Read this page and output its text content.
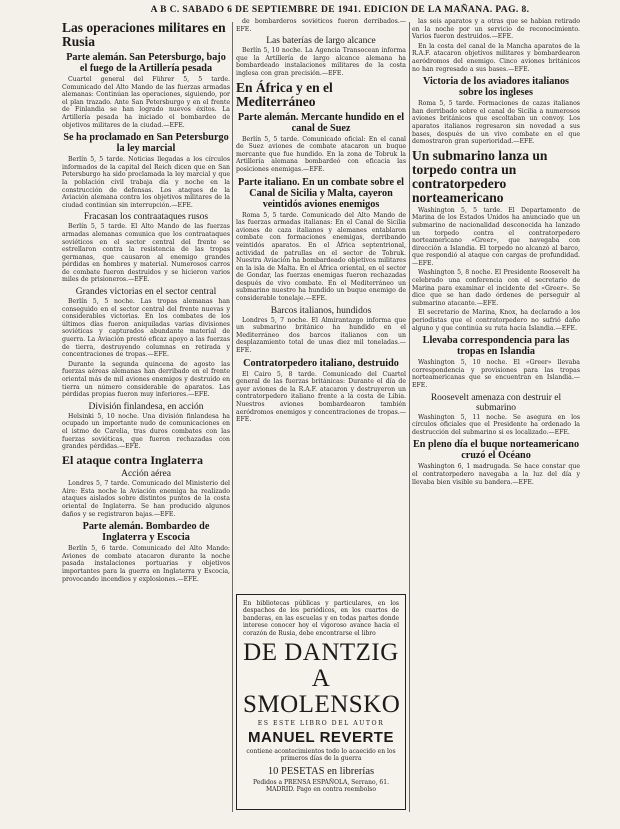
A B C. SABADO 6 DE SEPTIEMBRE DE 1941. EDICION DE LA MAÑANA. PAG. 8.
Las operaciones militares en Rusia
Parte alemán. San Petersburgo, bajo el fuego de la Artillería pesada

Cuartel general del Führer 5, 5 tarde. Comunicado del Alto Mando de las fuerzas armadas alemanas: Continúan las operaciones, siguiendo, por el plan trazado. Ante San Petersburgo y en el frente de Finlandia se han logrado nuevos éxitos. La Artillería pesada ha iniciado el bombardeo de objetivos militares de la ciudad.—EFE.

Se ha proclamado en San Petersburgo la ley marcial

Berlín 5, 5 tarde. Noticias llegadas a los círculos informados de la capital del Reich dicen que en San Petersburgo ha sido proclamada la ley marcial y que la población civil trabaja día y noche en la construcción de defensas. Los ataques de la Aviación alemana contra los objetivos militares de la ciudad continúan sin interrupción.—EFE.

Fracasan los contraataques rusos

Berlín 5, 5 tarde. El Alto Mando de las fuerzas armadas alemanas comunica que los contraataques soviéticos en el sector central del frente se estrellaron contra la resistencia de las tropas germanas, que causaron al enemigo grandes pérdidas en hombres y material. Numerosos carros de combate fueron destruidos y se hicieron varios miles de prisioneros.—EFE.

Grandes victorias en el sector central

Berlín 5, 5 noche. Las tropas alemanas han conseguido en el sector central del frente nuevas y considerables victorias. En los combates de los últimos días fueron aniquiladas varias divisiones soviéticas y capturados abundante material de guerra. La Aviación prestó eficaz apoyo a las fuerzas de tierra, destruyendo columnas en retirada y concentraciones de tropas.—EFE.

Durante la segunda quincena de agosto las fuerzas aéreas alemanas han derribado en el frente oriental más de mil aviones enemigos y destruido en tierra un número considerable de aparatos. Las pérdidas propias fueron muy inferiores.—EFE.

División finlandesa, en acción

Helsinki 5, 10 noche. Una división finlandesa ha ocupado un importante nudo de comunicaciones en el istmo de Carelia, tras duros combates con las fuerzas soviéticas, que fueron rechazadas con grandes pérdidas.—EFE.

El ataque contra Inglaterra
Acción aérea

Londres 5, 7 tarde. Comunicado del Ministerio del Aire: Esta noche la Aviación enemiga ha realizado ataques aislados sobre distintos puntos de la costa oriental de Inglaterra. Se han producido algunos daños y se registraron bajas.—EFE.

Parte alemán. Bombardeo de Inglaterra y Escocia

Berlín 5, 6 tarde. Comunicado del Alto Mando: Aviones de combate atacaron durante la noche pasada instalaciones portuarias y objetivos importantes para la guerra en Inglaterra y Escocia, provocando incendios y explosiones.—EFE.

de bombarderos soviéticos fueron derribados.—EFE.

Las baterías de largo alcance

Berlín 5, 10 noche. La Agencia Transocean informa que la Artillería de largo alcance alemana ha bombardeado instalaciones militares de la costa inglesa con gran precisión.—EFE.

En África y en el Mediterráneo
Parte alemán. Mercante hundido en el canal de Suez

Berlín 5, 5 tarde. Comunicado oficial: En el canal de Suez aviones de combate atacaron un buque mercante que fue hundido. En la zona de Tobruk la Artillería alemana bombardeó con eficacia las posiciones enemigas.—EFE.

Parte italiano. En un combate sobre el Canal de Sicilia y Malta, cayeron veintidós aviones enemigos

Roma 5, 5 tarde. Comunicado del Alto Mando de las fuerzas armadas italianas: En el Canal de Sicilia aviones de caza italianos y alemanes entablaron combate con formaciones enemigas, derribando veintidós aparatos. En el África septentrional, actividad de patrullas en el sector de Tobruk. Nuestra Aviación ha bombardeado objetivos militares en la isla de Malta. En el África oriental, en el sector de Gondar, las fuerzas enemigas fueron rechazadas después de vivo combate. En el Mediterráneo un submarino nuestro ha hundido un buque enemigo de considerable tonelaje.—EFE.

Barcos italianos, hundidos

Londres 5, 7 noche. El Almirantazgo informa que un submarino británico ha hundido en el Mediterráneo dos barcos italianos con un desplazamiento total de unas diez mil toneladas.—EFE.

Contratorpedero italiano, destruido

El Cairo 5, 8 tarde. Comunicado del Cuartel general de las fuerzas británicas: Durante el día de ayer aviones de la R.A.F. atacaron y destruyeron un contratorpedero italiano frente a la costa de Libia. Nuestros aviones bombardearon también aeródromos enemigos y concentraciones de tropas.—EFE.

En bibliotecas públicas y particulares, en los despachos de los periódicos, en los cuartos de banderas, en las escuelas y en todas partes donde interese conocer hoy el vigoroso avance hacia el corazón de Rusia, debe encontrarse el libro

DE DANTZIG
A SMOLENSKO
ES ESTE LIBRO DEL AUTOR
MANUEL REVERTE

contiene acontecimientos todo lo acaecido en los primeros días de la guerra

10 PESETAS en librerías

Pedidos a PRENSA ESPAÑOLA, Serrano, 61. MADRID. Pago en contra reembolso

las seis aparatos y a otras que se habían retirado en la noche por un servicio de reconocimiento. Varios fueron destruidos.—EFE.

En la costa del canal de la Mancha aparatos de la R.A.F. atacaron objetivos militares y bombardearon aeródromos del enemigo. Cinco aviones británicos no han regresado a sus bases.—EFE.

Victoria de los aviadores italianos sobre los ingleses

Roma 5, 5 tarde. Formaciones de cazas italianos han derribado sobre el canal de Sicilia a numerosos aviones británicos que escoltaban un convoy. Los aparatos italianos regresaron sin novedad a sus bases, después de un vivo combate en el que demostraron gran superioridad.—EFE.

Un submarino lanza un torpedo contra un contratorpedero norteamericano

Washington 5, 5 tarde. El Departamento de Marina de los Estados Unidos ha anunciado que un submarino de nacionalidad desconocida ha lanzado un torpedo contra el contratorpedero norteamericano «Greer», que navegaba con dirección a Islandia. El torpedo no alcanzó al barco, que respondió al ataque con cargas de profundidad.—EFE.

Washington 5, 8 noche. El Presidente Roosevelt ha celebrado una conferencia con el secretario de Marina para examinar el incidente del «Greer». Se dice que se han dado órdenes de perseguir al submarino atacante.—EFE.

El secretario de Marina, Knox, ha declarado a los periodistas que el contratorpedero no sufrió daño alguno y que continúa su ruta hacia Islandia.—EFE.

Llevaba correspondencia para las tropas en Islandia

Washington 5, 10 noche. El «Greer» llevaba correspondencia y provisiones para las tropas norteamericanas que se encuentran en Islandia.—EFE.

Roosevelt amenaza con destruir el submarino

Washington 5, 11 noche. Se asegura en los círculos oficiales que el Presidente ha ordenado la destrucción del submarino si es localizado.—EFE.

En pleno día el buque norteamericano cruzó el Océano

Washington 6, 1 madrugada. Se hace constar que el contratorpedero navegaba a la luz del día y llevaba bien visible su bandera.—EFE.
